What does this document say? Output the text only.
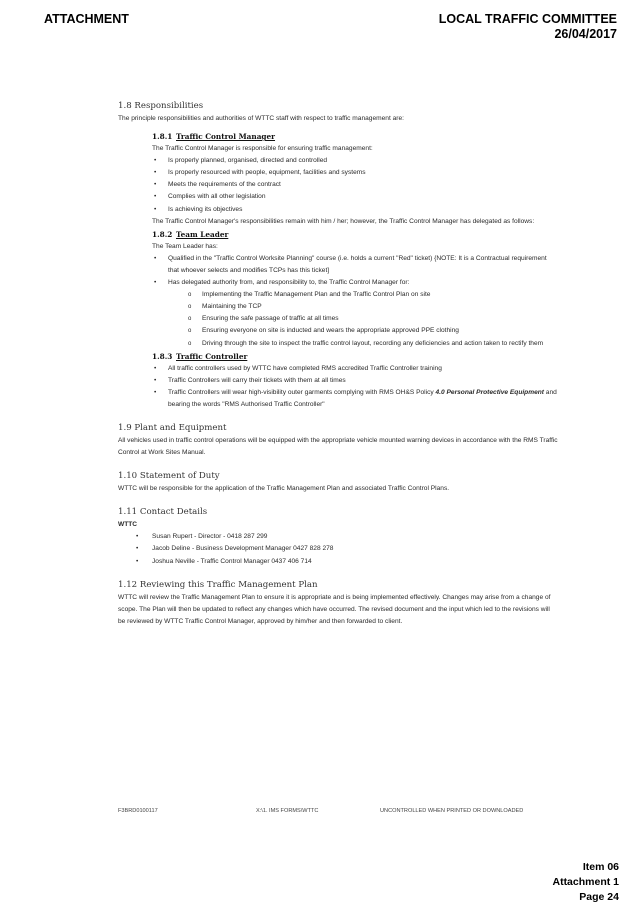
ATTACHMENT	LOCAL TRAFFIC COMMITTEE
26/04/2017
1.8 Responsibilities
The principle responsibilities and authorities of WTTC staff with respect to traffic management are:
1.8.1 Traffic Control Manager
The Traffic Control Manager is responsible for ensuring traffic management:
• Is properly planned, organised, directed and controlled
• Is properly resourced with people, equipment, facilities and systems
• Meets the requirements of the contract
• Complies with all other legislation
• Is achieving its objectives
The Traffic Control Manager's responsibilities remain with him / her; however, the Traffic Control Manager has delegated as follows:
1.8.2 Team Leader
The Team Leader has:
• Qualified in the "Traffic Control Worksite Planning" course (i.e. holds a current "Red" ticket) {NOTE: It is a Contractual requirement that whoever selects and modifies TCPs has this ticket]
• Has delegated authority from, and responsibility to, the Traffic Control Manager for:
o Implementing the Traffic Management Plan and the Traffic Control Plan on site
o Maintaining the TCP
o Ensuring the safe passage of traffic at all times
o Ensuring everyone on site is inducted and wears the appropriate approved PPE clothing
o Driving through the site to inspect the traffic control layout, recording any deficiencies and action taken to rectify them
1.8.3 Traffic Controller
• All traffic controllers used by WTTC have completed RMS accredited Traffic Controller training
• Traffic Controllers will carry their tickets with them at all times
• Traffic Controllers will wear high-visibility outer garments complying with RMS OH&S Policy 4.0 Personal Protective Equipment and bearing the words "RMS Authorised Traffic Controller"
1.9 Plant and Equipment
All vehicles used in traffic control operations will be equipped with the appropriate vehicle mounted warning devices in accordance with the RMS Traffic Control at Work Sites Manual.
1.10 Statement of Duty
WTTC will be responsible for the application of the Traffic Management Plan and associated Traffic Control Plans.
1.11 Contact Details
WTTC
• Susan Rupert - Director - 0418 287 299
• Jacob Deline - Business Development Manager 0427 828 278
• Joshua Neville - Traffic Control Manager 0437 406 714
1.12 Reviewing this Traffic Management Plan
WTTC will review the Traffic Management Plan to ensure it is appropriate and is being implemented effectively. Changes may arise from a change of scope. The Plan will then be updated to reflect any changes which have occurred. The revised document and the input which led to the revisions will be reviewed by WTTC Traffic Control Manager, approved by him/her and then forwarded to client.
F3BRD0100117	X:\1. IMS FORMS\WTTC	UNCONTROLLED WHEN PRINTED OR DOWNLOADED
Item 06
Attachment 1
Page 24
